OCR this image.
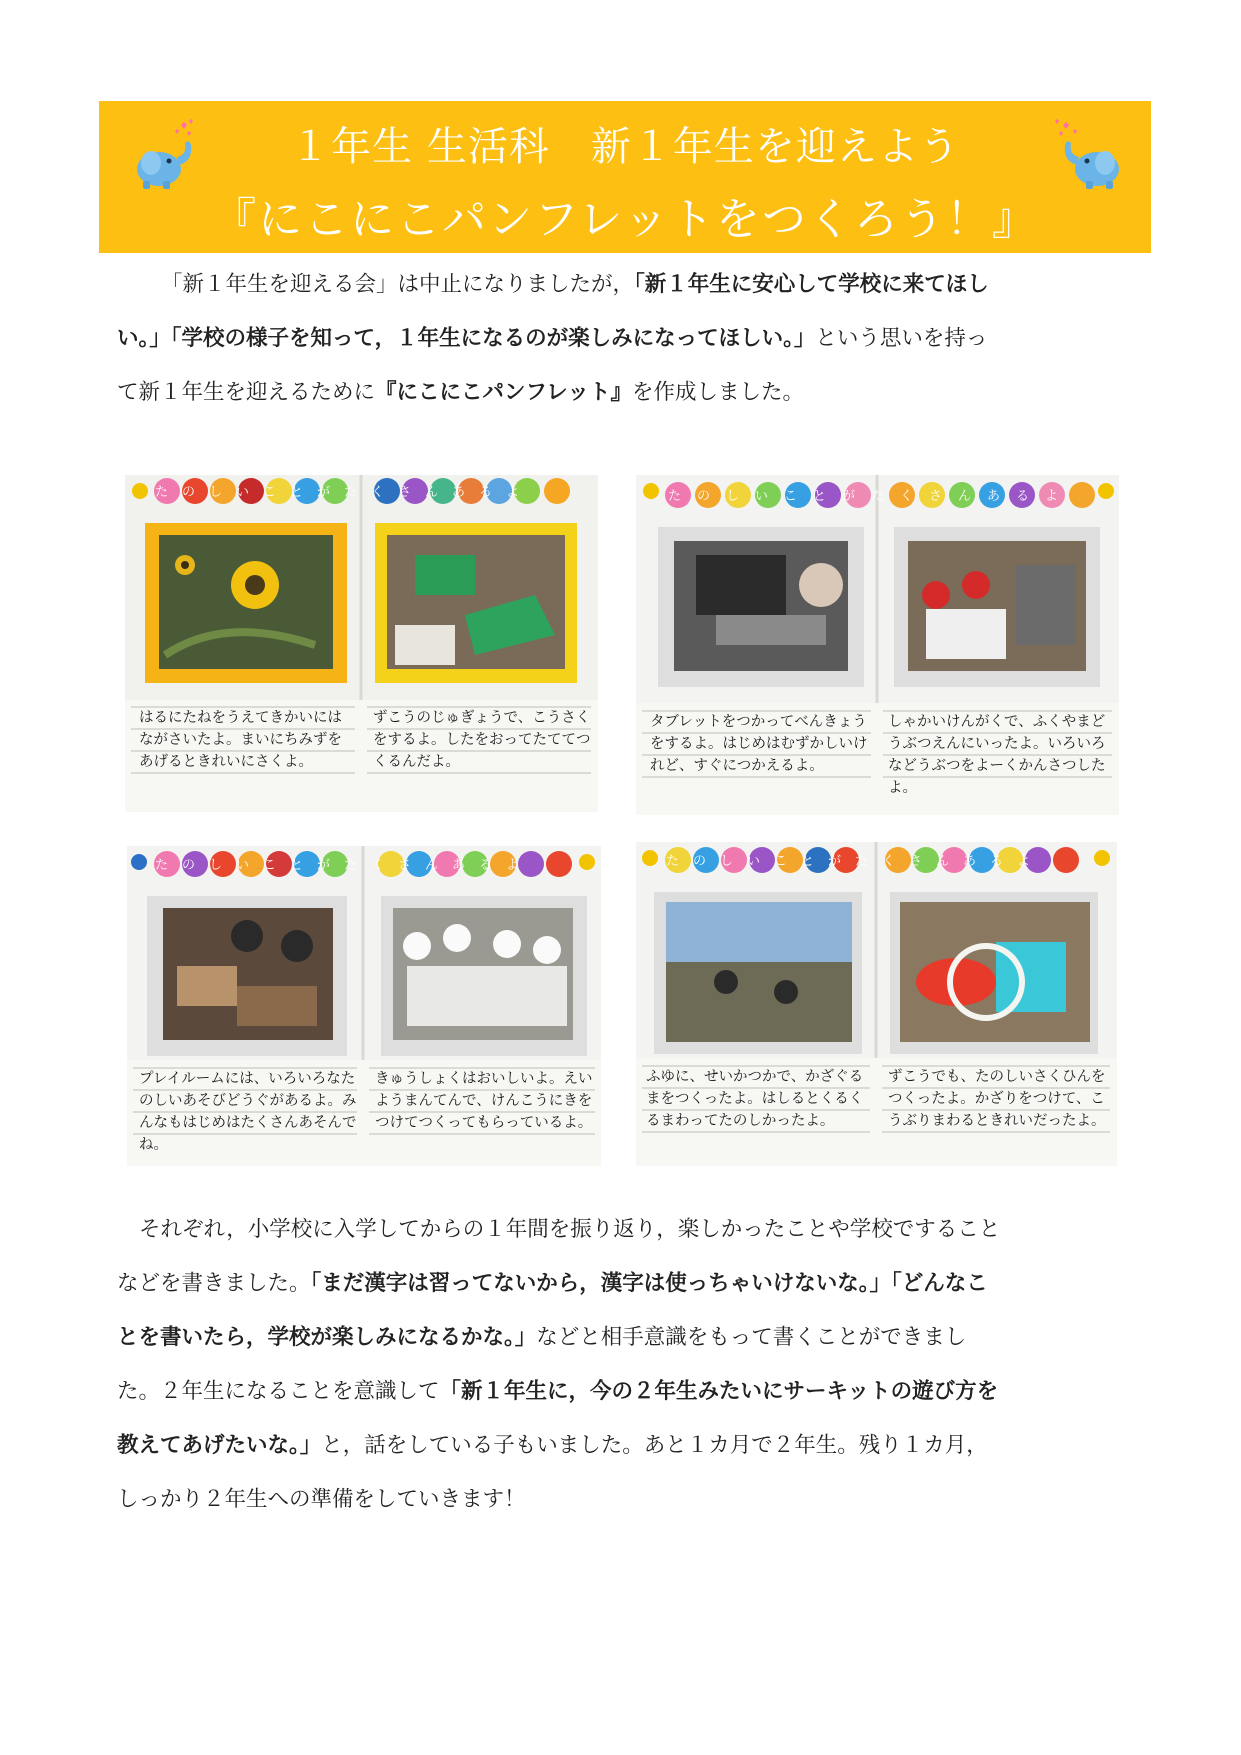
１年生 生活科　新１年生を迎えよう
『にこにこパンフレットをつくろう！』
「新１年生を迎える会」は中止になりましたが，「新１年生に安心して学校に来てほし
い。」「学校の様子を知って，１年生になるのが楽しみになってほしい。」という思いを持っ
て新１年生を迎えるために『にこにこパンフレット』を作成しました。
はるにたねをうえてきかいにはながさいたよ。まいにちみずをあげるときれいにさくよ。
ずこうのじゅぎょうで、こうさくをするよ。したをおってたててつくるんだよ。
たのしいことがたくさんあるよ
タブレットをつかってべんきょうをするよ。はじめはむずかしいけれど、すぐにつかえるよ。
しゃかいけんがくで、ふくやまどうぶつえんにいったよ。いろいろなどうぶつをよーくかんさつしたよ。
たのしいことがたくさんあるよ
プレイルームには、いろいろなたのしいあそびどうぐがあるよ。みんなもはじめはたくさんあそんでね。
きゅうしょくはおいしいよ。えいようまんてんで、けんこうにきをつけてつくってもらっているよ。
たのしいことがたくさんあるよ
ふゆに、せいかつかで、かざぐるまをつくったよ。はしるとくるくるまわってたのしかったよ。
ずこうでも、たのしいさくひんをつくったよ。かざりをつけて、こうぶりまわるときれいだったよ。
たのしいことがたくさんあるよ
それぞれ，小学校に入学してからの１年間を振り返り，楽しかったことや学校ですること
などを書きました。「まだ漢字は習ってないから，漢字は使っちゃいけないな。」「どんなこ
とを書いたら，学校が楽しみになるかな。」などと相手意識をもって書くことができまし
た。２年生になることを意識して「新１年生に，今の２年生みたいにサーキットの遊び方を
教えてあげたいな。」と，話をしている子もいました。あと１カ月で２年生。残り１カ月，
しっかり２年生への準備をしていきます！
